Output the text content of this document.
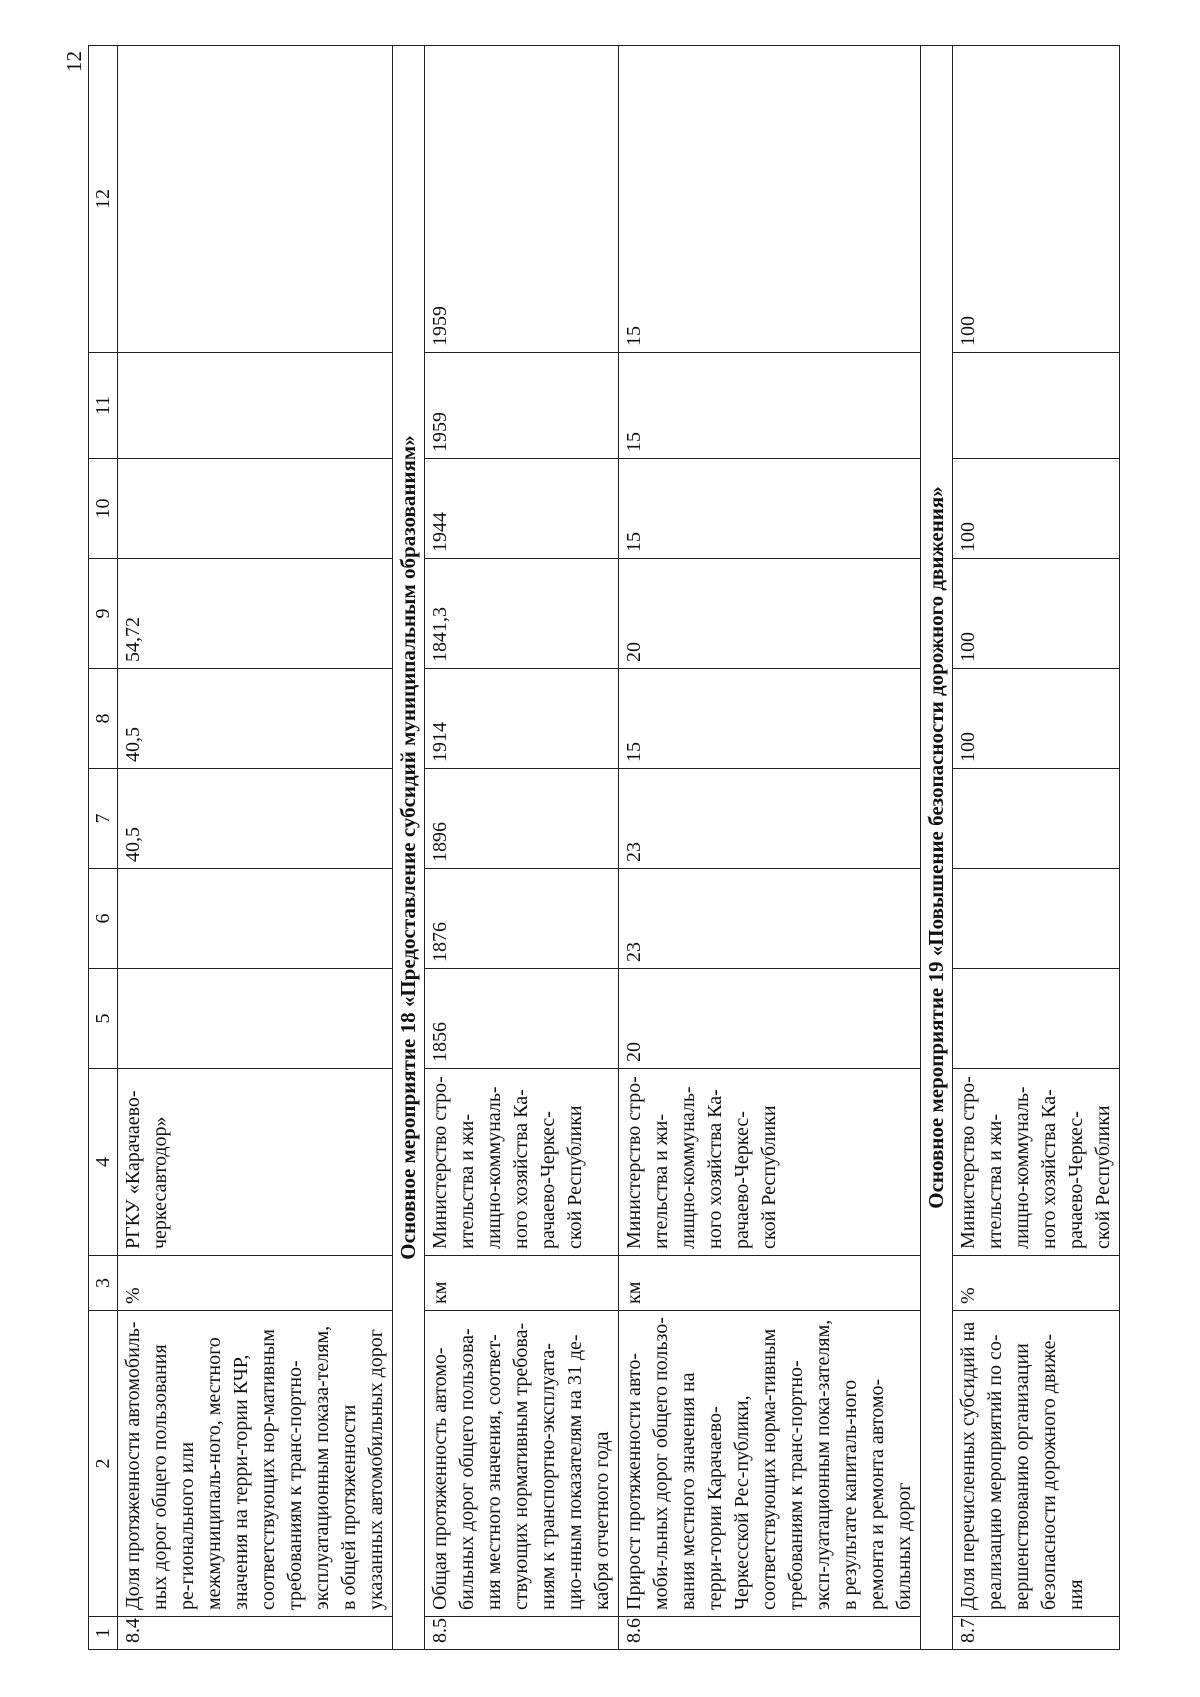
12
1	2	3	4	5	6	7	8	9	10	11	12
8.4	Доля протяженности автомобиль-ных дорог общего пользования ре-гионального или межмуниципаль-ного, местного значения на терри-тории КЧР, соответствующих нор-мативным требованиям к транс-портно-эксплуатационным показа-телям, в общей протяженности указанных автомобильных дорог	%	РГКУ «Карачаево-черкесавтодор»			40,5	40,5	54,72			
Основное мероприятие 18 «Предоставление субсидий муниципальным образованиям»											
8.5	Общая протяженность автомо-бильных дорог общего пользова-ния местного значения, соответ-ствующих нормативным требова-ниям к транспортно-эксплуата-цио-нным показателям на 31 де-кабря отчетного года	км	Министерство стро-ительства и жи-лищно-коммуналь-ного хозяйства Ка-рачаево-Черкес-ской Республики	1856	1876	1896	1914	1841,3	1944	1959	1959
8.6	Прирост протяженности авто-моби-льных дорог общего пользо-вания местного значения на терри-тории Карачаево-Черкесской Рес-публики, соответствующих норма-тивным требованиям к транс-портно-эксп-луатационным пока-зателям, в результате капиталь-ного ремонта и ремонта автомо-бильных дорог	км	Министерство стро-ительства и жи-лищно-коммуналь-ного хозяйства Ка-рачаево-Черкес-ской Республики	20	23	23	15	20	15	15	15
Основное мероприятие 19 «Повышение безопасности дорожного движения»											
8.7	Доля перечисленных субсидий на реализацию мероприятий по со-вершенствованию организации безопасности дорожного движе-ния	%	Министерство стро-ительства и жи-лищно-коммуналь-ного хозяйства Ка-рачаево-Черкес-ской Республики				100	100	100		100
